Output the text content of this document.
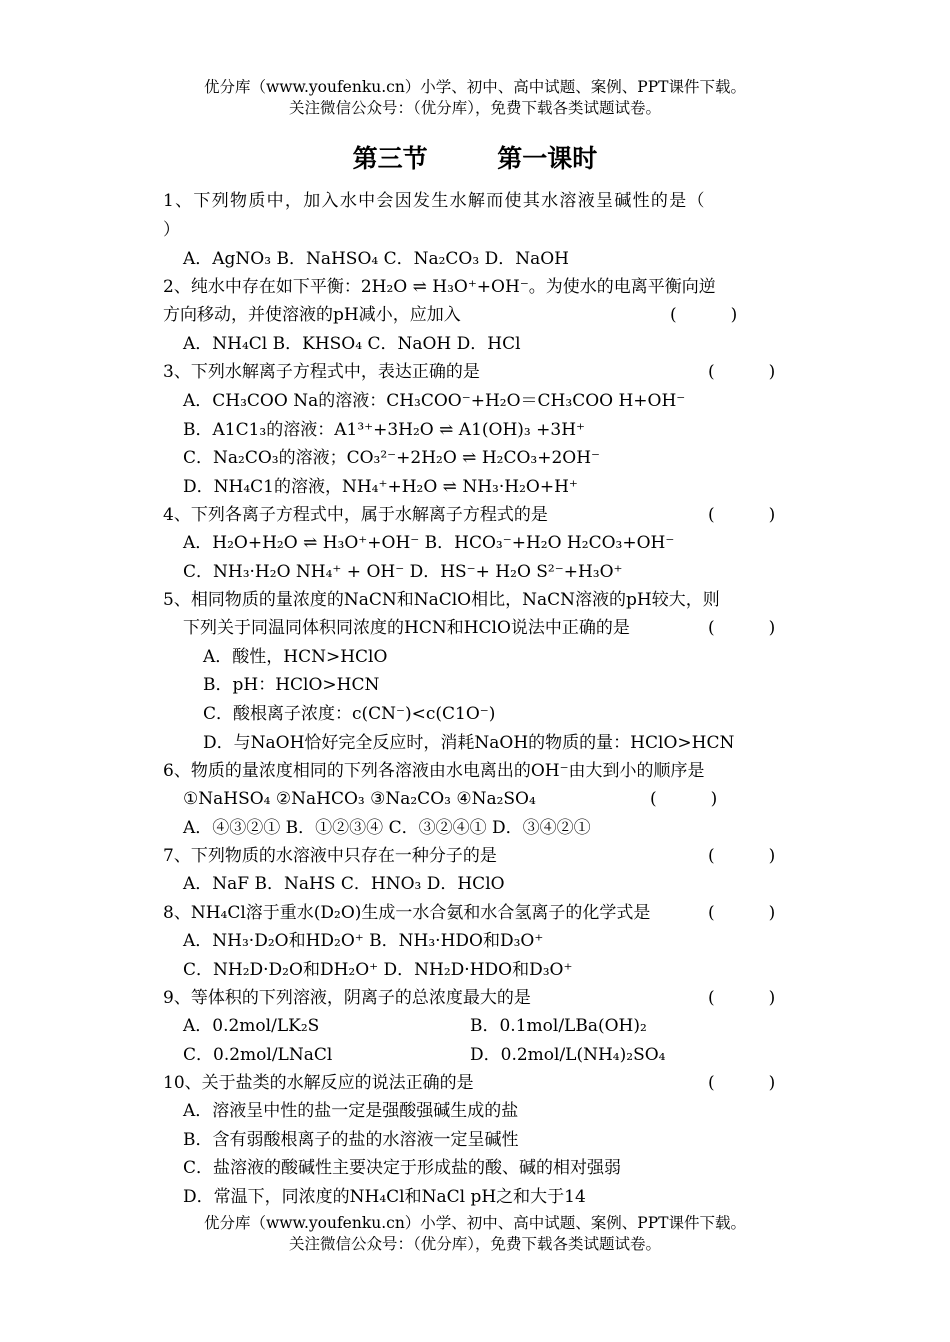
优分库（www.youfenku.cn）小学、初中、高中试题、案例、PPT课件下载。
关注微信公众号：（优分库），免费下载各类试题试卷。
第三节        第一课时
1、下列物质中，加入水中会因发生水解而使其水溶液呈碱性的是（
）
A．AgNO₃ B．NaHSO₄ C．Na₂CO₃ D．NaOH
2、纯水中存在如下平衡：2H₂O ⇌ H₃O⁺+OH⁻。为使水的电离平衡向逆
方向移动，并使溶液的pH减小，应加入	(          )
A．NH₄Cl B．KHSO₄ C．NaOH D．HCl
3、下列水解离子方程式中，表达正确的是	(          )
A．CH₃COO Na的溶液：CH₃COO⁻+H₂O＝CH₃COO H+OH⁻
B．A1C1₃的溶液：A1³⁺+3H₂O ⇌ A1(OH)₃ +3H⁺
C．Na₂CO₃的溶液；CO₃²⁻+2H₂O ⇌ H₂CO₃+2OH⁻
D．NH₄C1的溶液，NH₄⁺+H₂O ⇌ NH₃·H₂O+H⁺
4、下列各离子方程式中，属于水解离子方程式的是	(          )
A．H₂O+H₂O ⇌ H₃O⁺+OH⁻ B．HCO₃⁻+H₂O H₂CO₃+OH⁻
C．NH₃·H₂O NH₄⁺ + OH⁻ D．HS⁻+ H₂O S²⁻+H₃O⁺
5、相同物质的量浓度的NaCN和NaClO相比，NaCN溶液的pH较大，则
下列关于同温同体积同浓度的HCN和HClO说法中正确的是	(          )
A．酸性，HCN>HClO
B．pH：HClO>HCN
C．酸根离子浓度：c(CN⁻)<c(C1O⁻)
D．与NaOH恰好完全反应时，消耗NaOH的物质的量：HClO>HCN
6、物质的量浓度相同的下列各溶液由水电离出的OH⁻由大到小的顺序是
①NaHSO₄ ②NaHCO₃ ③Na₂CO₃ ④Na₂SO₄	(          )
A．④③②① B．①②③④ C．③②④① D．③④②①
7、下列物质的水溶液中只存在一种分子的是	(          )
A．NaF B．NaHS C．HNO₃ D．HClO
8、NH₄Cl溶于重水(D₂O)生成一水合氨和水合氢离子的化学式是	(          )
A．NH₃·D₂O和HD₂O⁺ B．NH₃·HDO和D₃O⁺
C．NH₂D·D₂O和DH₂O⁺ D．NH₂D·HDO和D₃O⁺
9、等体积的下列溶液，阴离子的总浓度最大的是	(          )
A．0.2mol/LK₂S	B．0.1mol/LBa(OH)₂
C．0.2mol/LNaCl	D．0.2mol/L(NH₄)₂SO₄
10、关于盐类的水解反应的说法正确的是	(          )
A．溶液呈中性的盐一定是强酸强碱生成的盐
B．含有弱酸根离子的盐的水溶液一定呈碱性
C．盐溶液的酸碱性主要决定于形成盐的酸、碱的相对强弱
D．常温下，同浓度的NH₄Cl和NaCl pH之和大于14
优分库（www.youfenku.cn）小学、初中、高中试题、案例、PPT课件下载。
关注微信公众号：（优分库），免费下载各类试题试卷。
